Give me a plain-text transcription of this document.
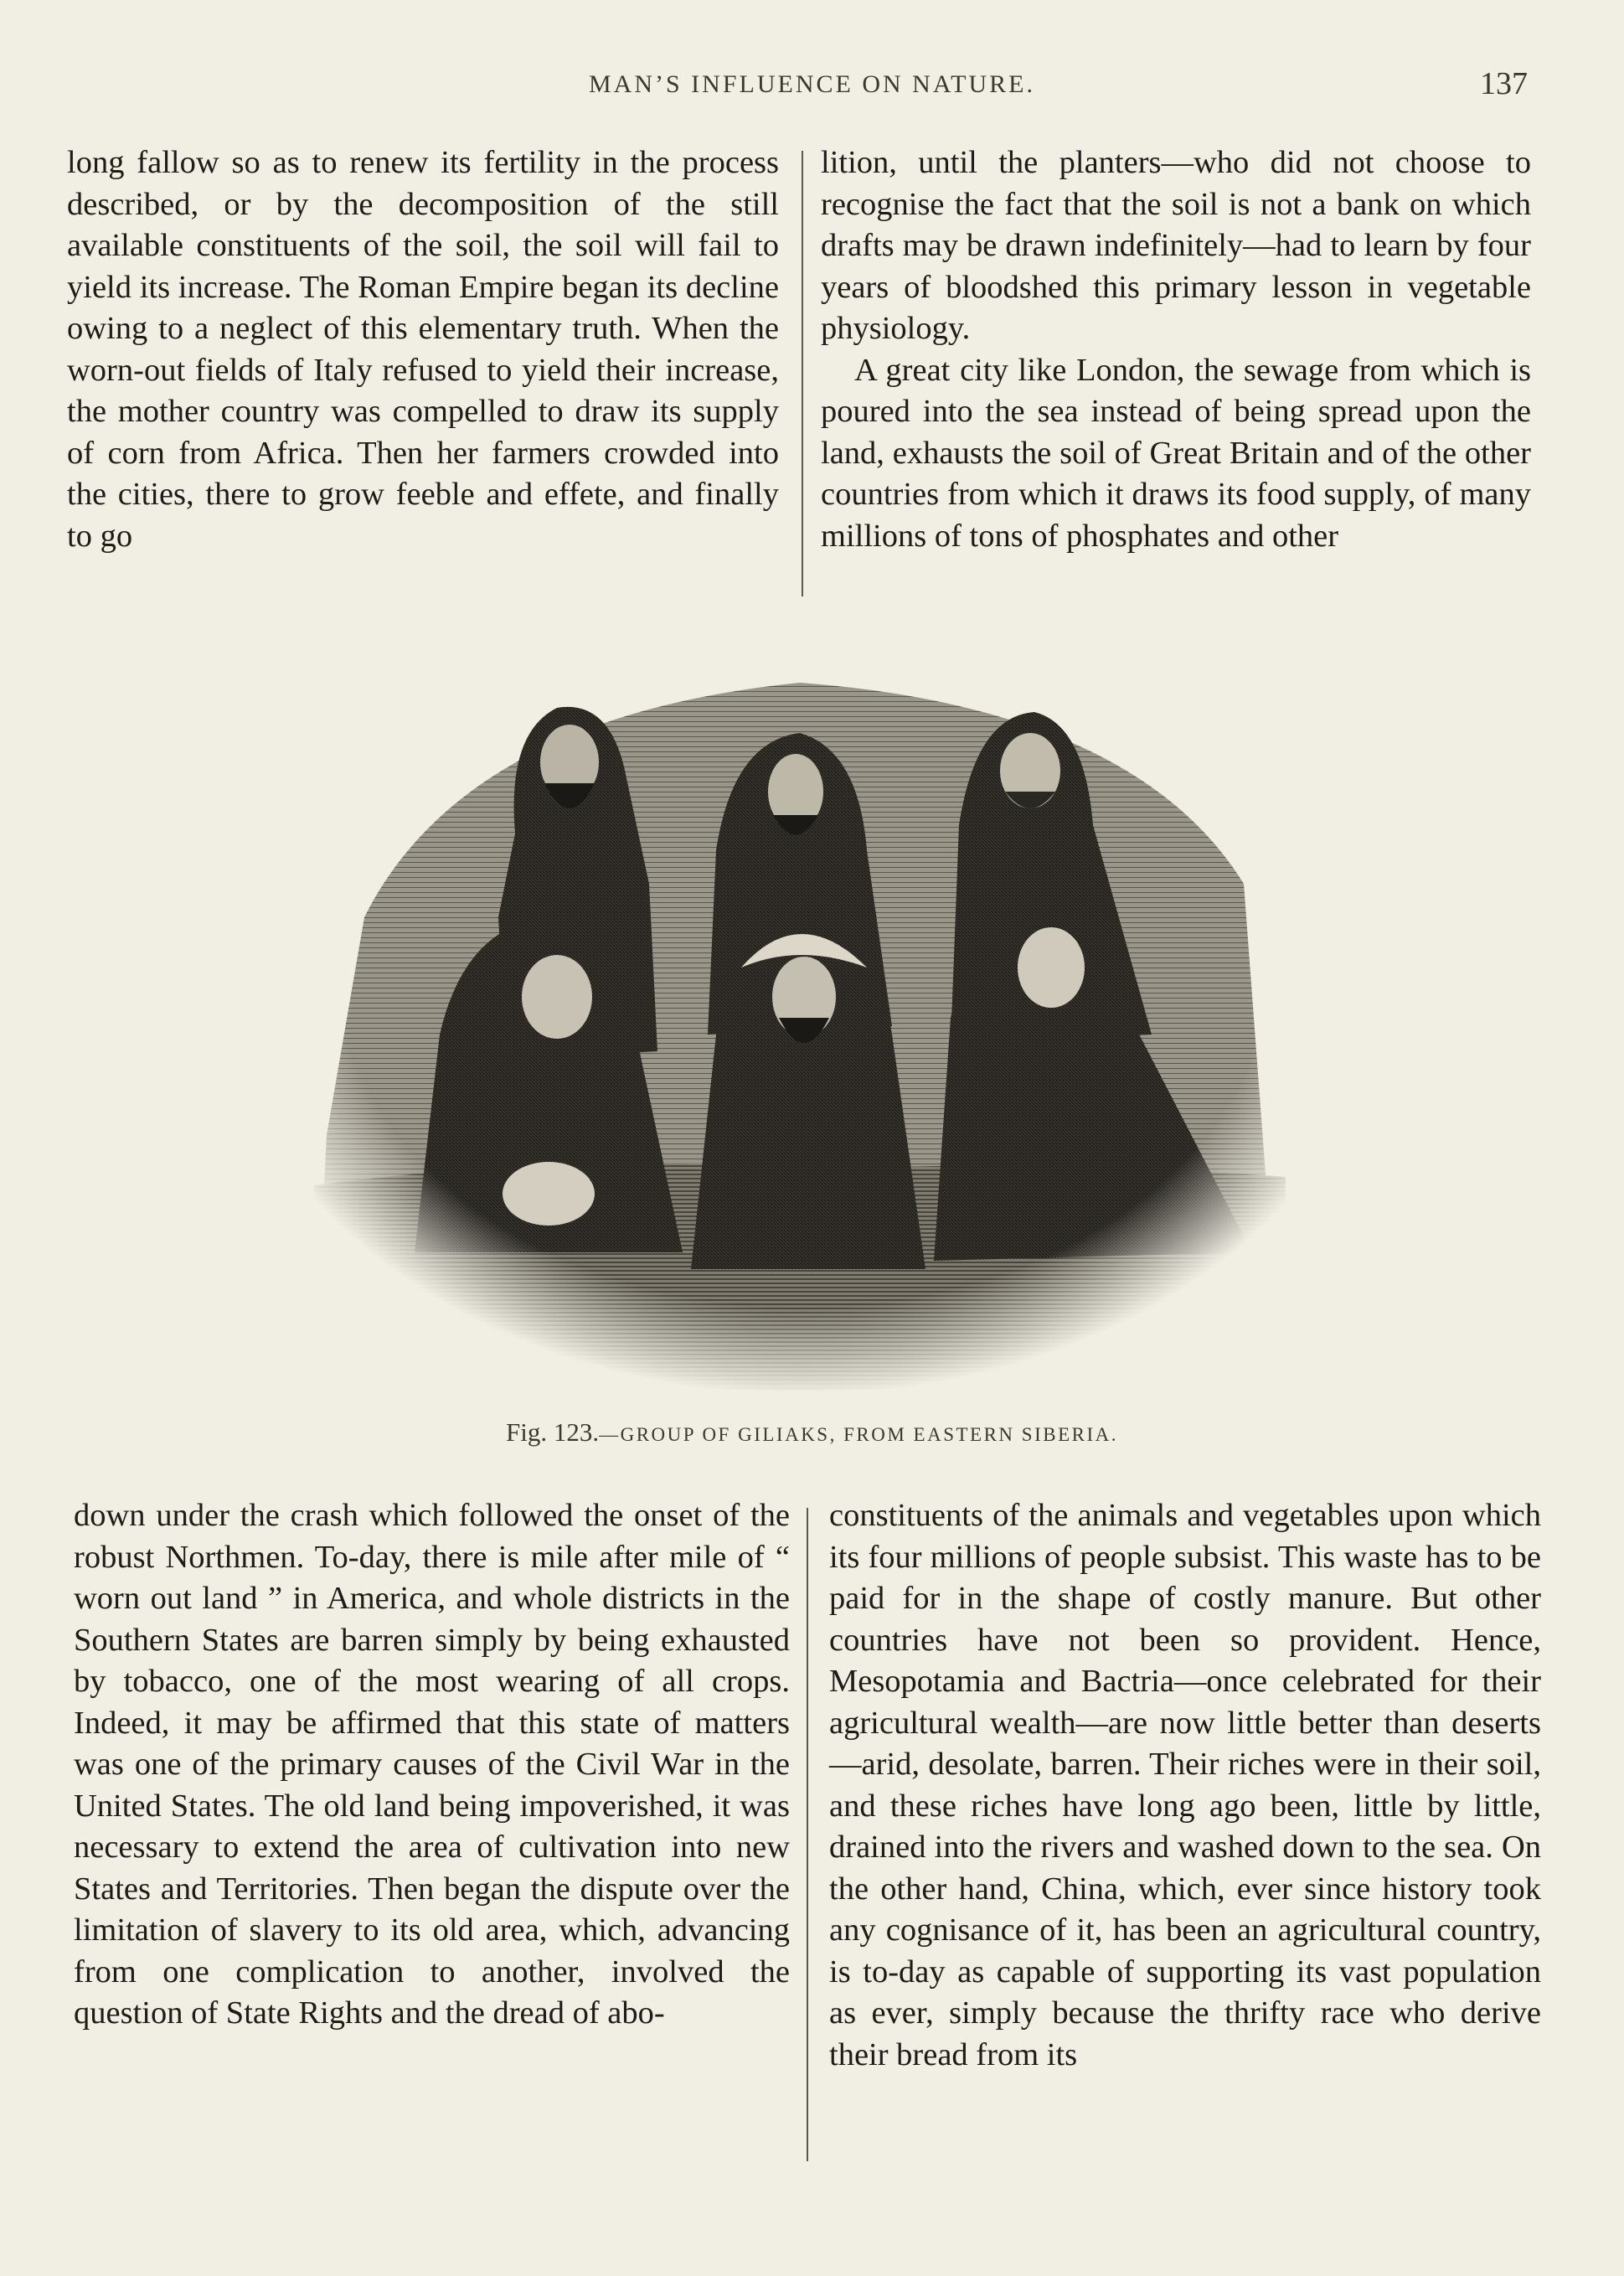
MAN’S INFLUENCE ON NATURE.	137

long fallow so as to renew its fertility in the process described, or by the decomposition of the still available constituents of the soil, the soil will fail to yield its increase. The Roman Empire began its decline owing to a neglect of this elementary truth. When the worn-out fields of Italy refused to yield their increase, the mother country was compelled to draw its supply of corn from Africa. Then her farmers crowded into the cities, there to grow feeble and effete, and finally to go

lition, until the planters—who did not choose to recognise the fact that the soil is not a bank on which drafts may be drawn indefinitely—had to learn by four years of bloodshed this primary lesson in vegetable physiology.

A great city like London, the sewage from which is poured into the sea instead of being spread upon the land, exhausts the soil of Great Britain and of the other countries from which it draws its food supply, of many millions of tons of phosphates and other

Fig. 123.—GROUP OF GILIAKS, FROM EASTERN SIBERIA.

down under the crash which followed the onset of the robust Northmen. To-day, there is mile after mile of “ worn out land ” in America, and whole districts in the Southern States are barren simply by being exhausted by tobacco, one of the most wearing of all crops. Indeed, it may be affirmed that this state of matters was one of the primary causes of the Civil War in the United States. The old land being impoverished, it was necessary to extend the area of cultivation into new States and Territories. Then began the dispute over the limitation of slavery to its old area, which, advancing from one complication to another, involved the question of State Rights and the dread of abo-

constituents of the animals and vegetables upon which its four millions of people subsist. This waste has to be paid for in the shape of costly manure. But other countries have not been so provident. Hence, Mesopotamia and Bactria—once celebrated for their agricultural wealth—are now little better than deserts—arid, desolate, barren. Their riches were in their soil, and these riches have long ago been, little by little, drained into the rivers and washed down to the sea. On the other hand, China, which, ever since history took any cognisance of it, has been an agricultural country, is to-day as capable of supporting its vast population as ever, simply because the thrifty race who derive their bread from its
